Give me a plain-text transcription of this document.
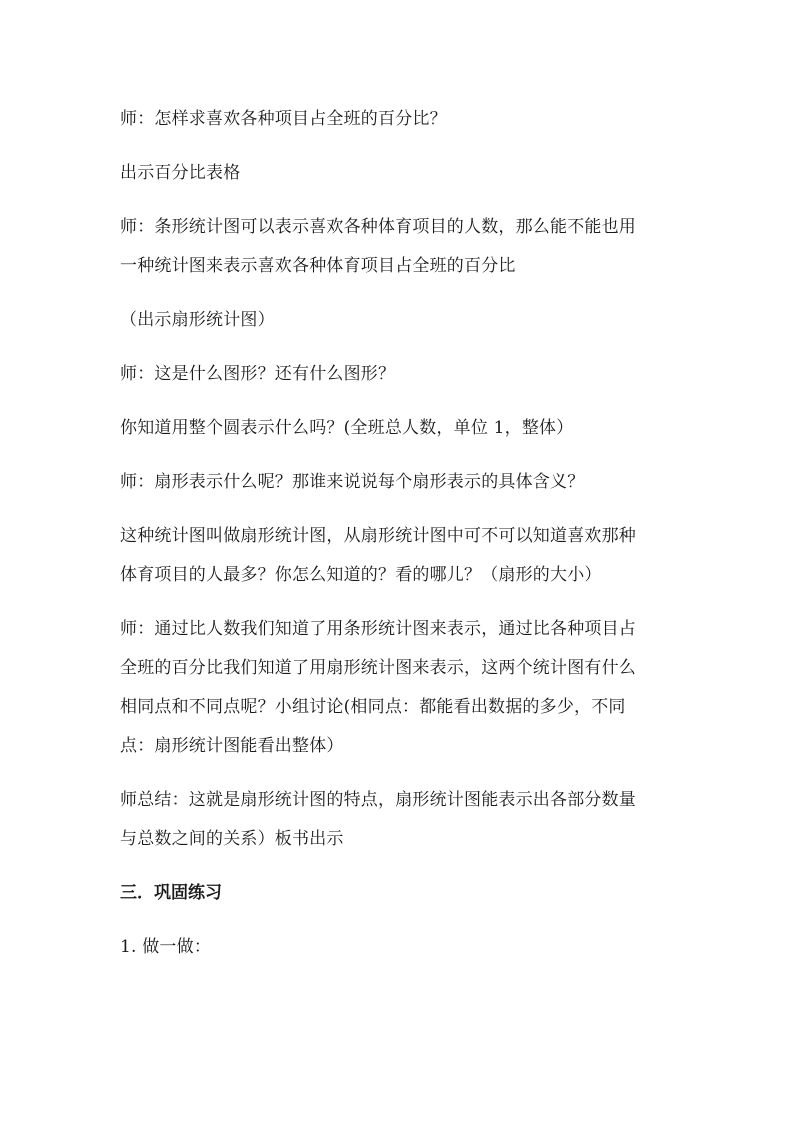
师：怎样求喜欢各种项目占全班的百分比？

出示百分比表格

师：条形统计图可以表示喜欢各种体育项目的人数，那么能不能也用
一种统计图来表示喜欢各种体育项目占全班的百分比

（出示扇形统计图）

师：这是什么图形？还有什么图形？

你知道用整个圆表示什么吗？(全班总人数，单位 1，整体）

师：扇形表示什么呢？那谁来说说每个扇形表示的具体含义？

这种统计图叫做扇形统计图，从扇形统计图中可不可以知道喜欢那种
体育项目的人最多？你怎么知道的？看的哪儿？（扇形的大小）

师：通过比人数我们知道了用条形统计图来表示，通过比各种项目占
全班的百分比我们知道了用扇形统计图来表示，这两个统计图有什么
相同点和不同点呢？小组讨论(相同点：都能看出数据的多少，不同
点：扇形统计图能看出整体）

师总结：这就是扇形统计图的特点，扇形统计图能表示出各部分数量
与总数之间的关系）板书出示

三．巩固练习

1. 做一做：
